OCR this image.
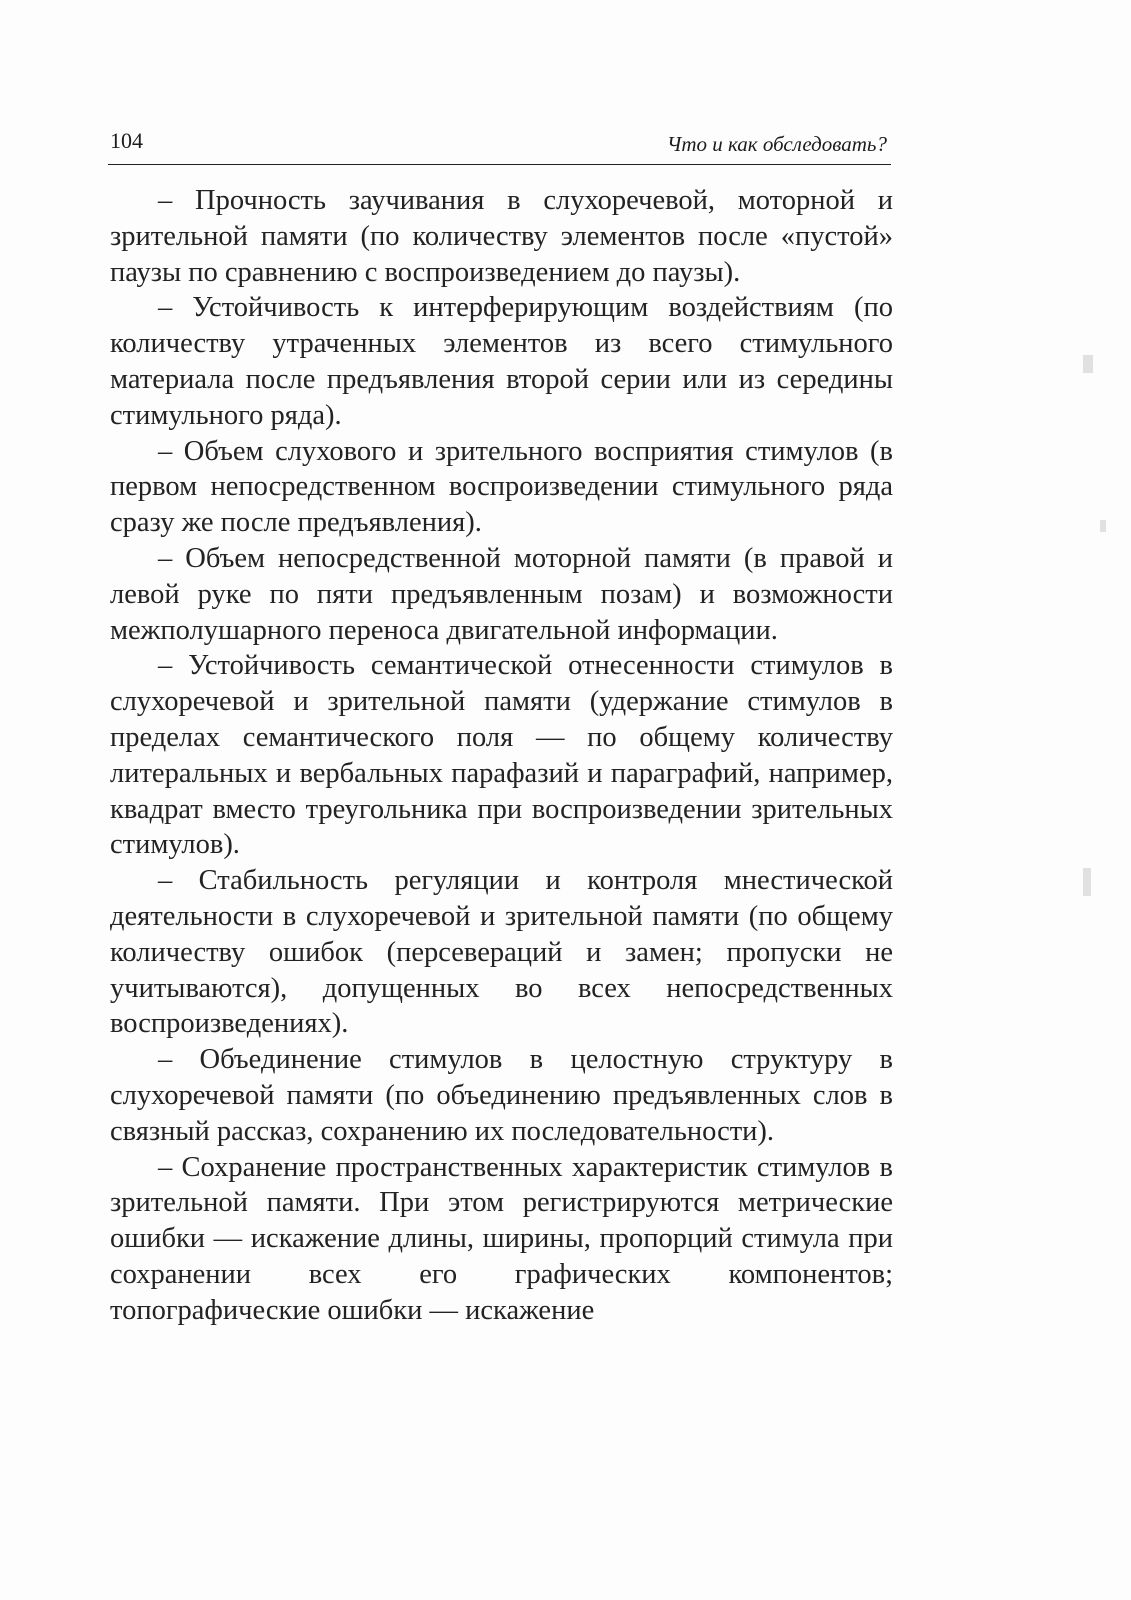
104	Что и как обследовать?

– Прочность заучивания в слухоречевой, моторной и зрительной памяти (по количеству элементов после «пустой» паузы по сравнению с воспроизведением до паузы).

– Устойчивость к интерферирующим воздействиям (по количеству утраченных элементов из всего стимульного материала после предъявления второй серии или из середины стимульного ряда).

– Объем слухового и зрительного восприятия стимулов (в первом непосредственном воспроизведении стимульного ряда сразу же после предъявления).

– Объем непосредственной моторной памяти (в правой и левой руке по пяти предъявленным позам) и возможности межполушарного переноса двигательной информации.

– Устойчивость семантической отнесенности стимулов в слухоречевой и зрительной памяти (удержание стимулов в пределах семантического поля — по общему количеству литеральных и вербальных парафазий и параграфий, например, квадрат вместо треугольника при воспроизведении зрительных стимулов).

– Стабильность регуляции и контроля мнестической деятельности в слухоречевой и зрительной памяти (по общему количеству ошибок (персевераций и замен; пропуски не учитываются), допущенных во всех непосредственных воспроизведениях).

– Объединение стимулов в целостную структуру в слухоречевой памяти (по объединению предъявленных слов в связный рассказ, сохранению их последовательности).

– Сохранение пространственных характеристик стимулов в зрительной памяти. При этом регистрируются метрические ошибки — искажение длины, ширины, пропорций стимула при сохранении всех его графических компонентов; топографические ошибки — искажение
